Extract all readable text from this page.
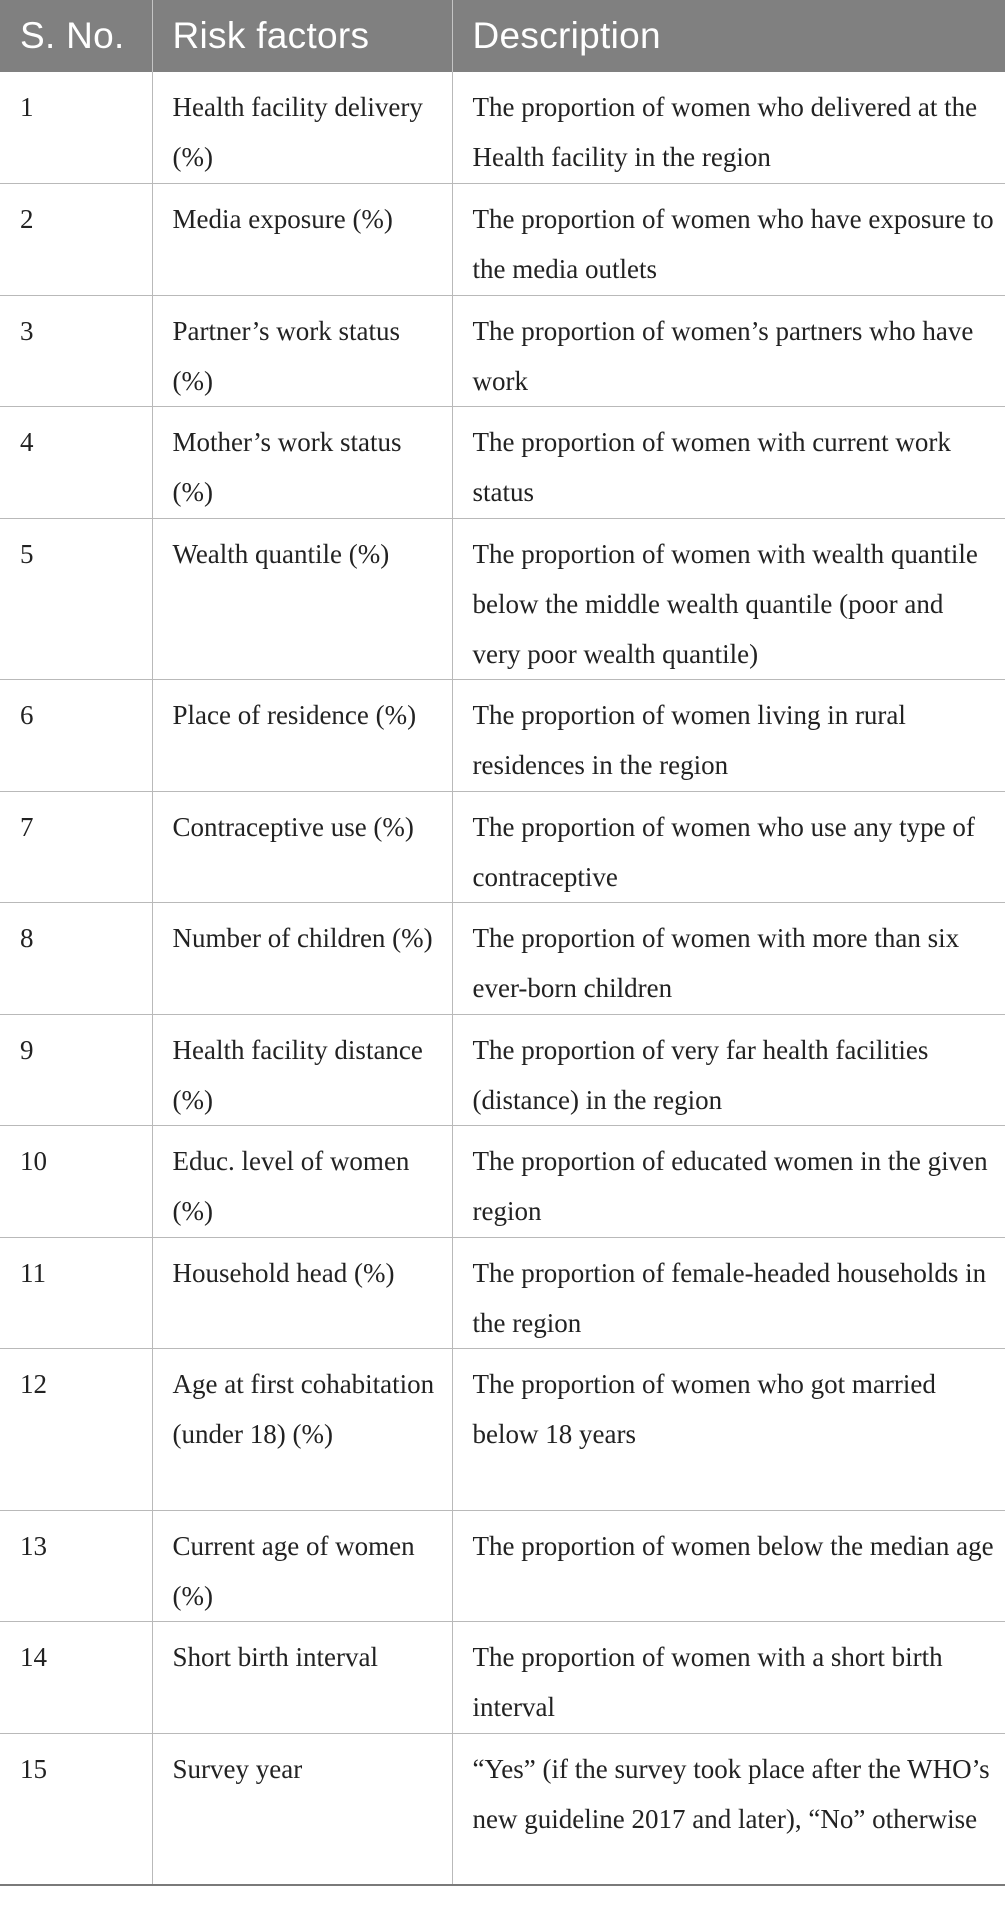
S. No.	Risk factors	Description
1	Health facility delivery (%)	The proportion of women who delivered at the Health facility in the region
2	Media exposure (%)	The proportion of women who have exposure to the media outlets
3	Partner’s work status (%)	The proportion of women’s partners who have work
4	Mother’s work status (%)	The proportion of women with current work status
5	Wealth quantile (%)	The proportion of women with wealth quantile below the middle wealth quantile (poor and very poor wealth quantile)
6	Place of residence (%)	The proportion of women living in rural residences in the region
7	Contraceptive use (%)	The proportion of women who use any type of contraceptive
8	Number of children (%)	The proportion of women with more than six ever-born children
9	Health facility distance (%)	The proportion of very far health facilities (distance) in the region
10	Educ. level of women (%)	The proportion of educated women in the given region
11	Household head (%)	The proportion of female-headed households in the region
12	Age at first cohabitation (under 18) (%)	The proportion of women who got married below 18 years
13	Current age of women (%)	The proportion of women below the median age
14	Short birth interval	The proportion of women with a short birth interval
15	Survey year	“Yes” (if the survey took place after the WHO’s new guideline 2017 and later), “No” otherwise
